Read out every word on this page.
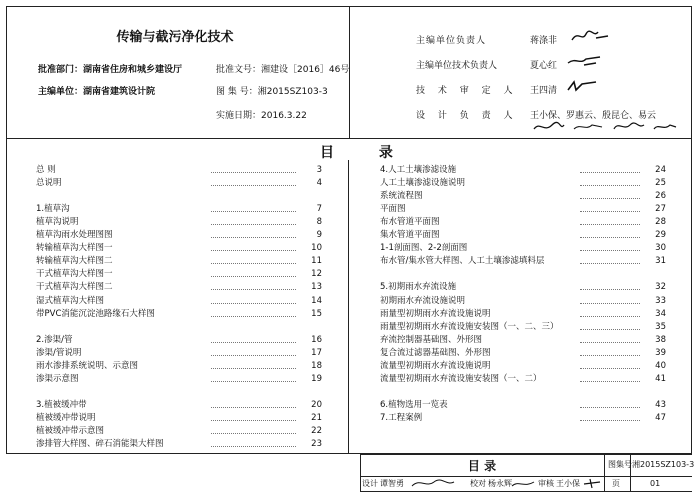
传输与截污净化技术
批准部门：湖南省住房和城乡建设厅
主编单位：湖南省建筑设计院
批准文号：湘建设［2016］46号
图 集 号：湘2015SZ103-3
实施日期：2016.3.22
主编单位负责人	蒋涤非
主编单位技术负责人	夏心红
技 术 审 定 人 王四清
设 计 负 责 人 王小保、罗惠云、殷昆仑、易云
目 录
总 则	3
总说明	4
1.植草沟	7
植草沟说明	8
植草沟雨水处理图图	9
转输植草沟大样图一	10
转输植草沟大样图二	11
干式植草沟大样图一	12
干式植草沟大样图二	13
湿式植草沟大样图	14
带PVC消能沉淀池路缘石大样图	15
2.渗渠/管	16
渗渠/管说明	17
雨水渗排系统说明、示意图	18
渗渠示意图	19
3.植被缓冲带	20
植被缓冲带说明	21
植被缓冲带示意图	22
渗排管大样图、碎石消能渠大样图	23
4.人工土壤渗滤设施	24
人工土壤渗滤设施说明	25
系统流程图	26
平面图	27
布水管道平面图	28
集水管道平面图	29
1-1剖面图、2-2剖面图	30
布水管/集水管大样图、人工土壤渗滤填料层	31
5.初期雨水弃流设施	32
初期雨水弃流设施说明	33
雨量型初期雨水弃流设施说明	34
雨量型初期雨水弃流设施安装图（一、二、三）	35
弃流控制器基础图、外形图	38
复合流过滤器基础图、外形图	39
流量型初期雨水弃流设施说明	40
流量型初期雨水弃流设施安装图（一、二）	41
6.植物选用一览表	43
7.工程案例	47
目 录	图集号 湘2015SZ103-3
设计 谭智勇	校对 杨永辉	审核 王小保	页	01
